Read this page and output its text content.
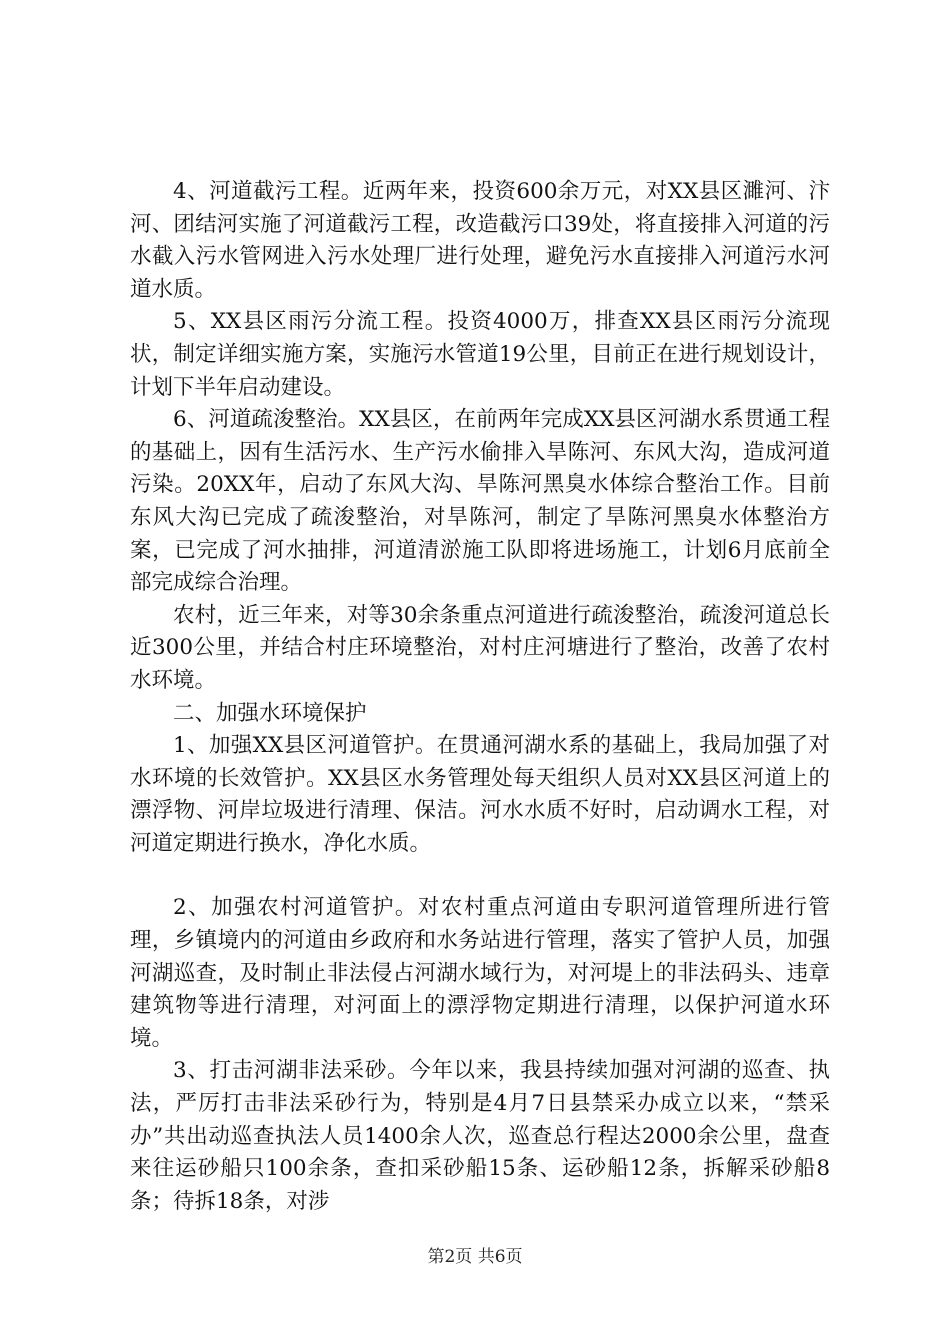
4、河道截污工程。近两年来，投资600余万元，对XX县区濉河、汴河、团结河实施了河道截污工程，改造截污口39处，将直接排入河道的污水截入污水管网进入污水处理厂进行处理，避免污水直接排入河道污水河道水质。

5、XX县区雨污分流工程。投资4000万，排查XX县区雨污分流现状，制定详细实施方案，实施污水管道19公里，目前正在进行规划设计，计划下半年启动建设。

6、河道疏浚整治。XX县区，在前两年完成XX县区河湖水系贯通工程的基础上，因有生活污水、生产污水偷排入旱陈河、东风大沟，造成河道污染。20XX年，启动了东风大沟、旱陈河黑臭水体综合整治工作。目前东风大沟已完成了疏浚整治，对旱陈河，制定了旱陈河黑臭水体整治方案，已完成了河水抽排，河道清淤施工队即将进场施工，计划6月底前全部完成综合治理。

农村，近三年来，对等30余条重点河道进行疏浚整治，疏浚河道总长近300公里，并结合村庄环境整治，对村庄河塘进行了整治，改善了农村水环境。

二、加强水环境保护

1、加强XX县区河道管护。在贯通河湖水系的基础上，我局加强了对水环境的长效管护。XX县区水务管理处每天组织人员对XX县区河道上的漂浮物、河岸垃圾进行清理、保洁。河水水质不好时，启动调水工程，对河道定期进行换水，净化水质。

2、加强农村河道管护。对农村重点河道由专职河道管理所进行管理，乡镇境内的河道由乡政府和水务站进行管理，落实了管护人员，加强河湖巡查，及时制止非法侵占河湖水域行为，对河堤上的非法码头、违章建筑物等进行清理，对河面上的漂浮物定期进行清理，以保护河道水环境。

3、打击河湖非法采砂。今年以来，我县持续加强对河湖的巡查、执法，严厉打击非法采砂行为，特别是4月7日县禁采办成立以来，“禁采办”共出动巡查执法人员1400余人次，巡查总行程达2000余公里，盘查来往运砂船只100余条，查扣采砂船15条、运砂船12条，拆解采砂船8条；待拆18条，对涉

第2页 共6页
